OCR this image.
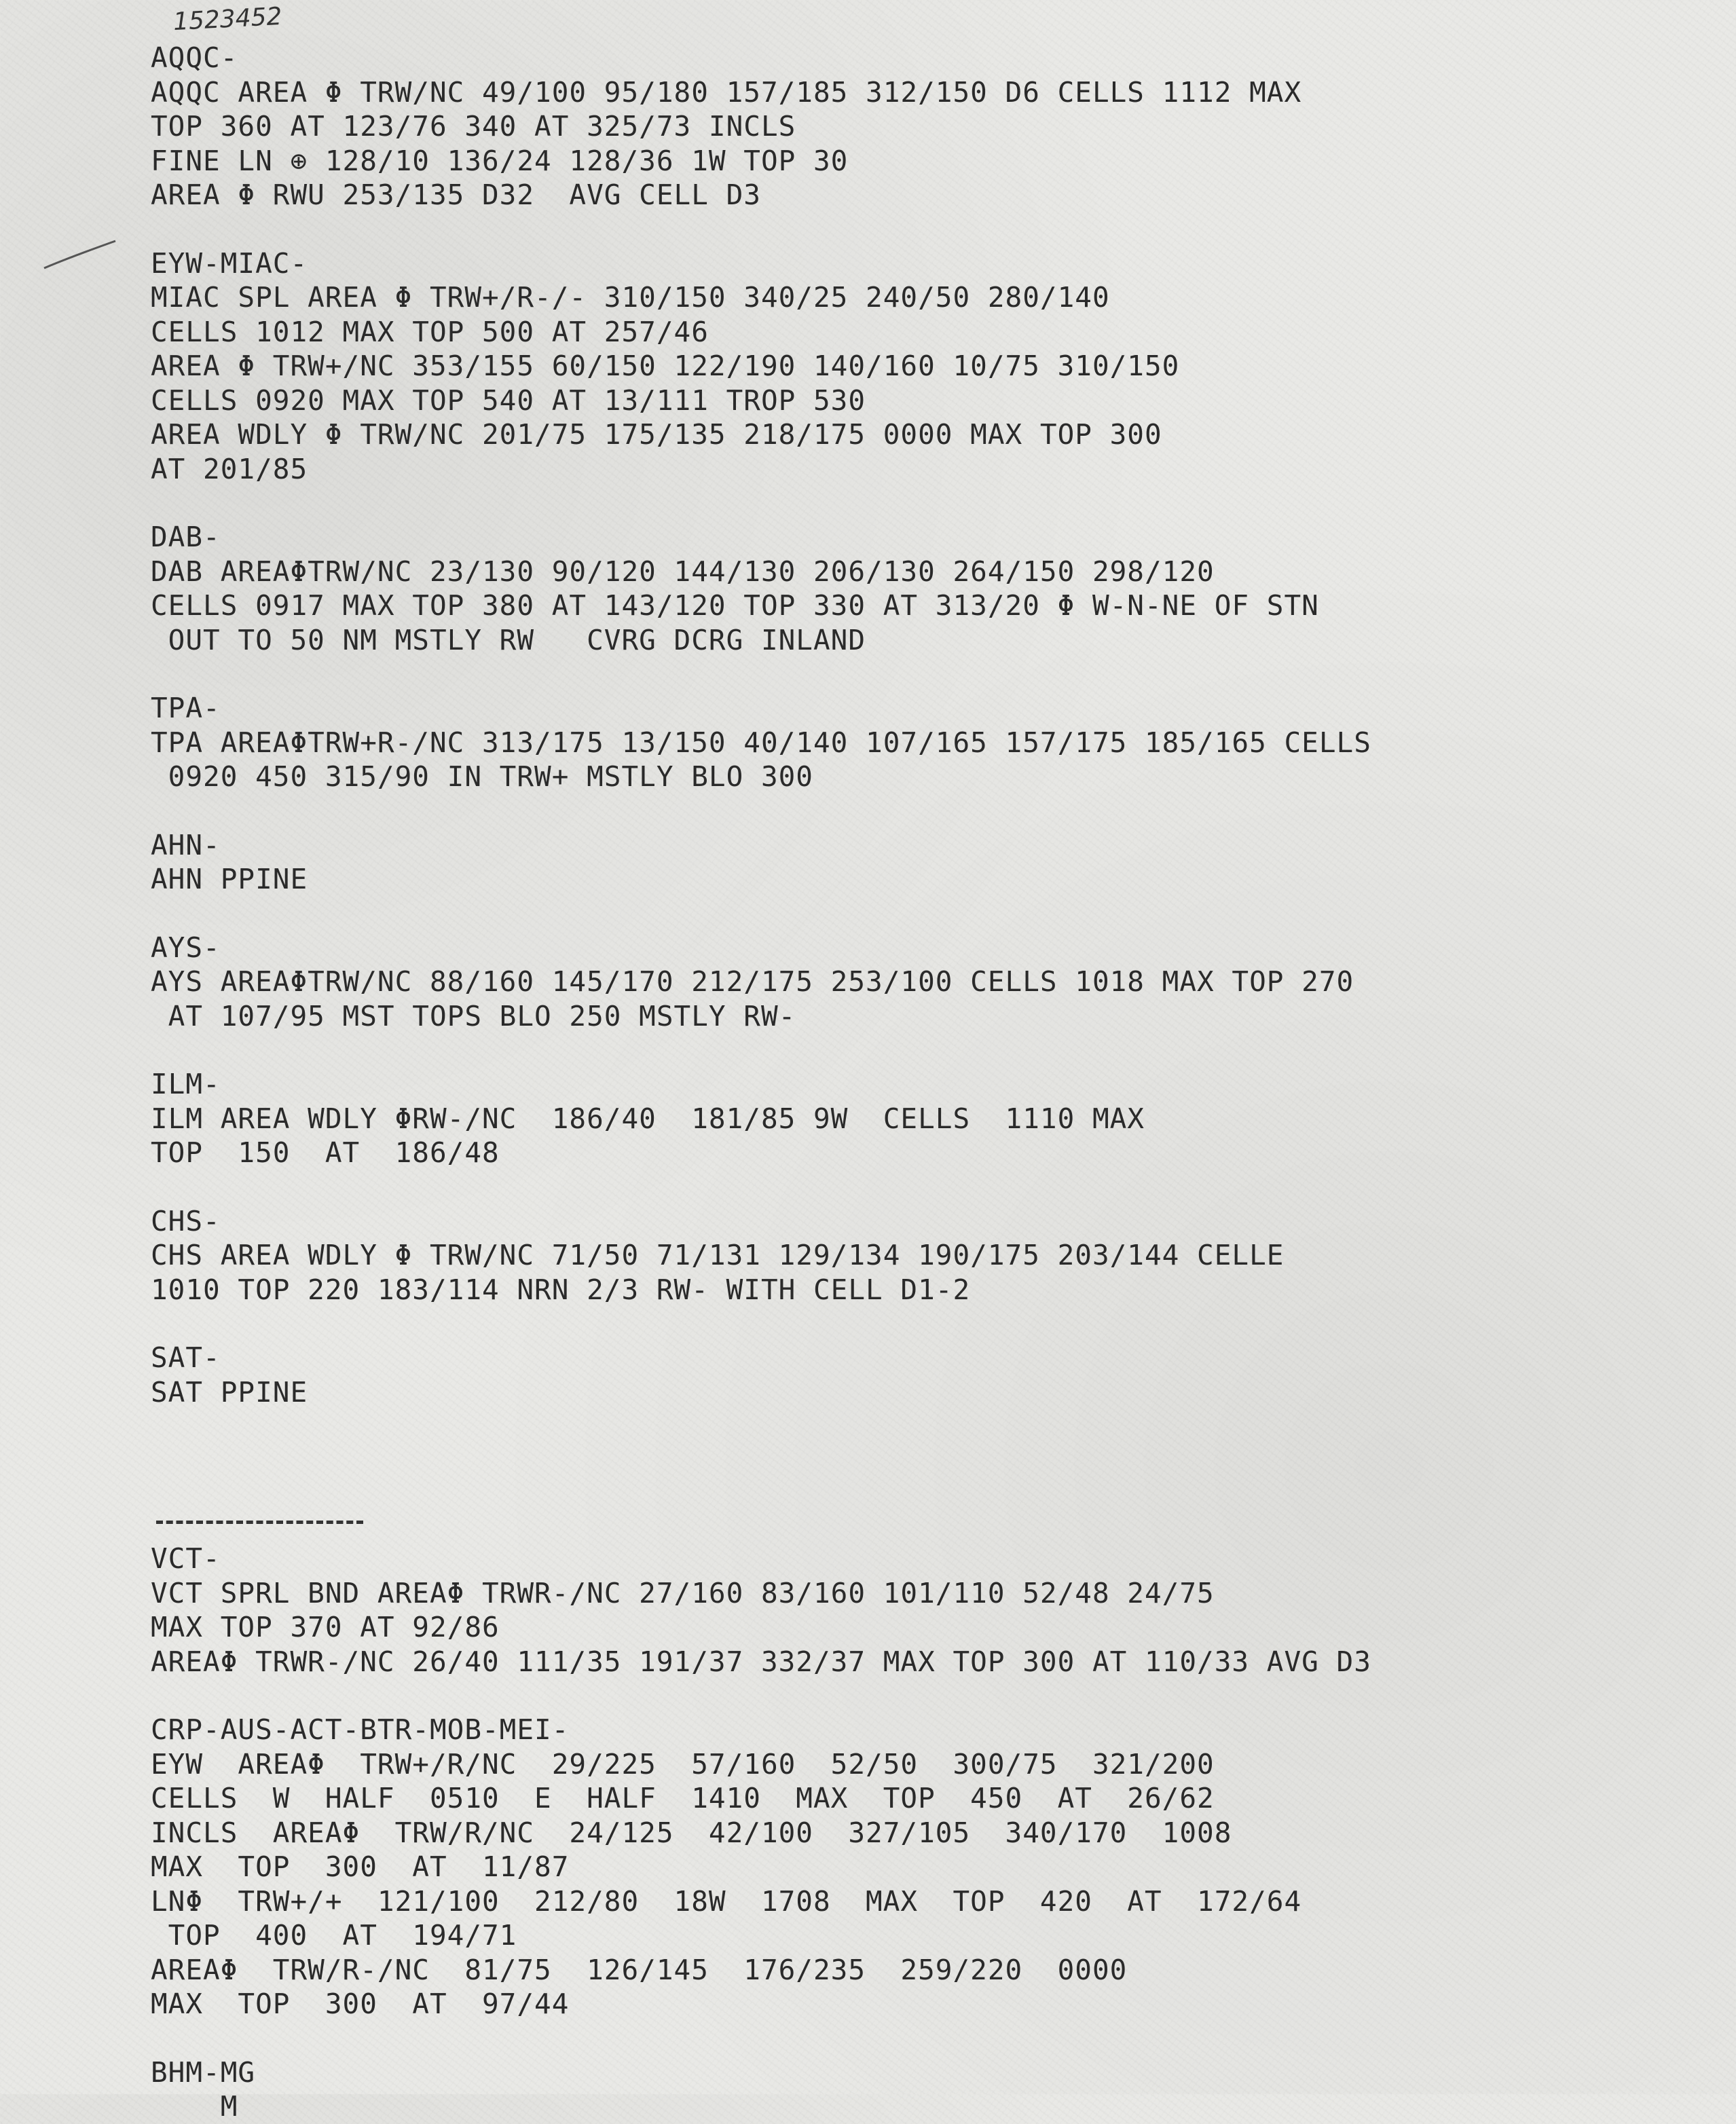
1523452
AQQC-
AQQC AREA Φ TRW/NC 49/100 95/180 157/185 312/150 D6 CELLS 1112 MAX
TOP 360 AT 123/76 340 AT 325/73 INCLS
FINE LN ⊕ 128/10 136/24 128/36 1W TOP 30
AREA Φ RWU 253/135 D32  AVG CELL D3
EYW-MIAC-
MIAC SPL AREA Φ TRW+/R-/- 310/150 340/25 240/50 280/140
CELLS 1012 MAX TOP 500 AT 257/46
AREA Φ TRW+/NC 353/155 60/150 122/190 140/160 10/75 310/150
CELLS 0920 MAX TOP 540 AT 13/111 TROP 530
AREA WDLY Φ TRW/NC 201/75 175/135 218/175 0000 MAX TOP 300
AT 201/85
DAB-
DAB AREAΦTRW/NC 23/130 90/120 144/130 206/130 264/150 298/120
CELLS 0917 MAX TOP 380 AT 143/120 TOP 330 AT 313/20 Φ W-N-NE OF STN
OUT TO 50 NM MSTLY RW   CVRG DCRG INLAND
TPA-
TPA AREAΦTRW+R-/NC 313/175 13/150 40/140 107/165 157/175 185/165 CELLS
0920 450 315/90 IN TRW+ MSTLY BLO 300
AHN-
AHN PPINE
AYS-
AYS AREAΦTRW/NC 88/160 145/170 212/175 253/100 CELLS 1018 MAX TOP 270
AT 107/95 MST TOPS BLO 250 MSTLY RW-
ILM-
ILM AREA WDLY ΦRW-/NC  186/40  181/85 9W  CELLS  1110 MAX
TOP  150  AT  186/48
CHS-
CHS AREA WDLY Φ TRW/NC 71/50 71/131 129/134 190/175 203/144 CELLE
1010 TOP 220 183/114 NRN 2/3 RW- WITH CELL D1-2
SAT-
SAT PPINE
VCT-
VCT SPRL BND AREAΦ TRWR-/NC 27/160 83/160 101/110 52/48 24/75
MAX TOP 370 AT 92/86
AREAΦ TRWR-/NC 26/40 111/35 191/37 332/37 MAX TOP 300 AT 110/33 AVG D3
CRP-AUS-ACT-BTR-MOB-MEI-
EYW  AREAΦ  TRW+/R/NC  29/225  57/160  52/50  300/75  321/200
CELLS  W  HALF  0510  E  HALF  1410  MAX  TOP  450  AT  26/62
INCLS  AREAΦ  TRW/R/NC  24/125  42/100  327/105  340/170  1008
MAX  TOP  300  AT  11/87
LNΦ  TRW+/+  121/100  212/80  18W  1708  MAX  TOP  420  AT  172/64
TOP  400  AT  194/71
AREAΦ  TRW/R-/NC  81/75  126/145  176/235  259/220  0000
MAX  TOP  300  AT  97/44
BHM-MG
M
